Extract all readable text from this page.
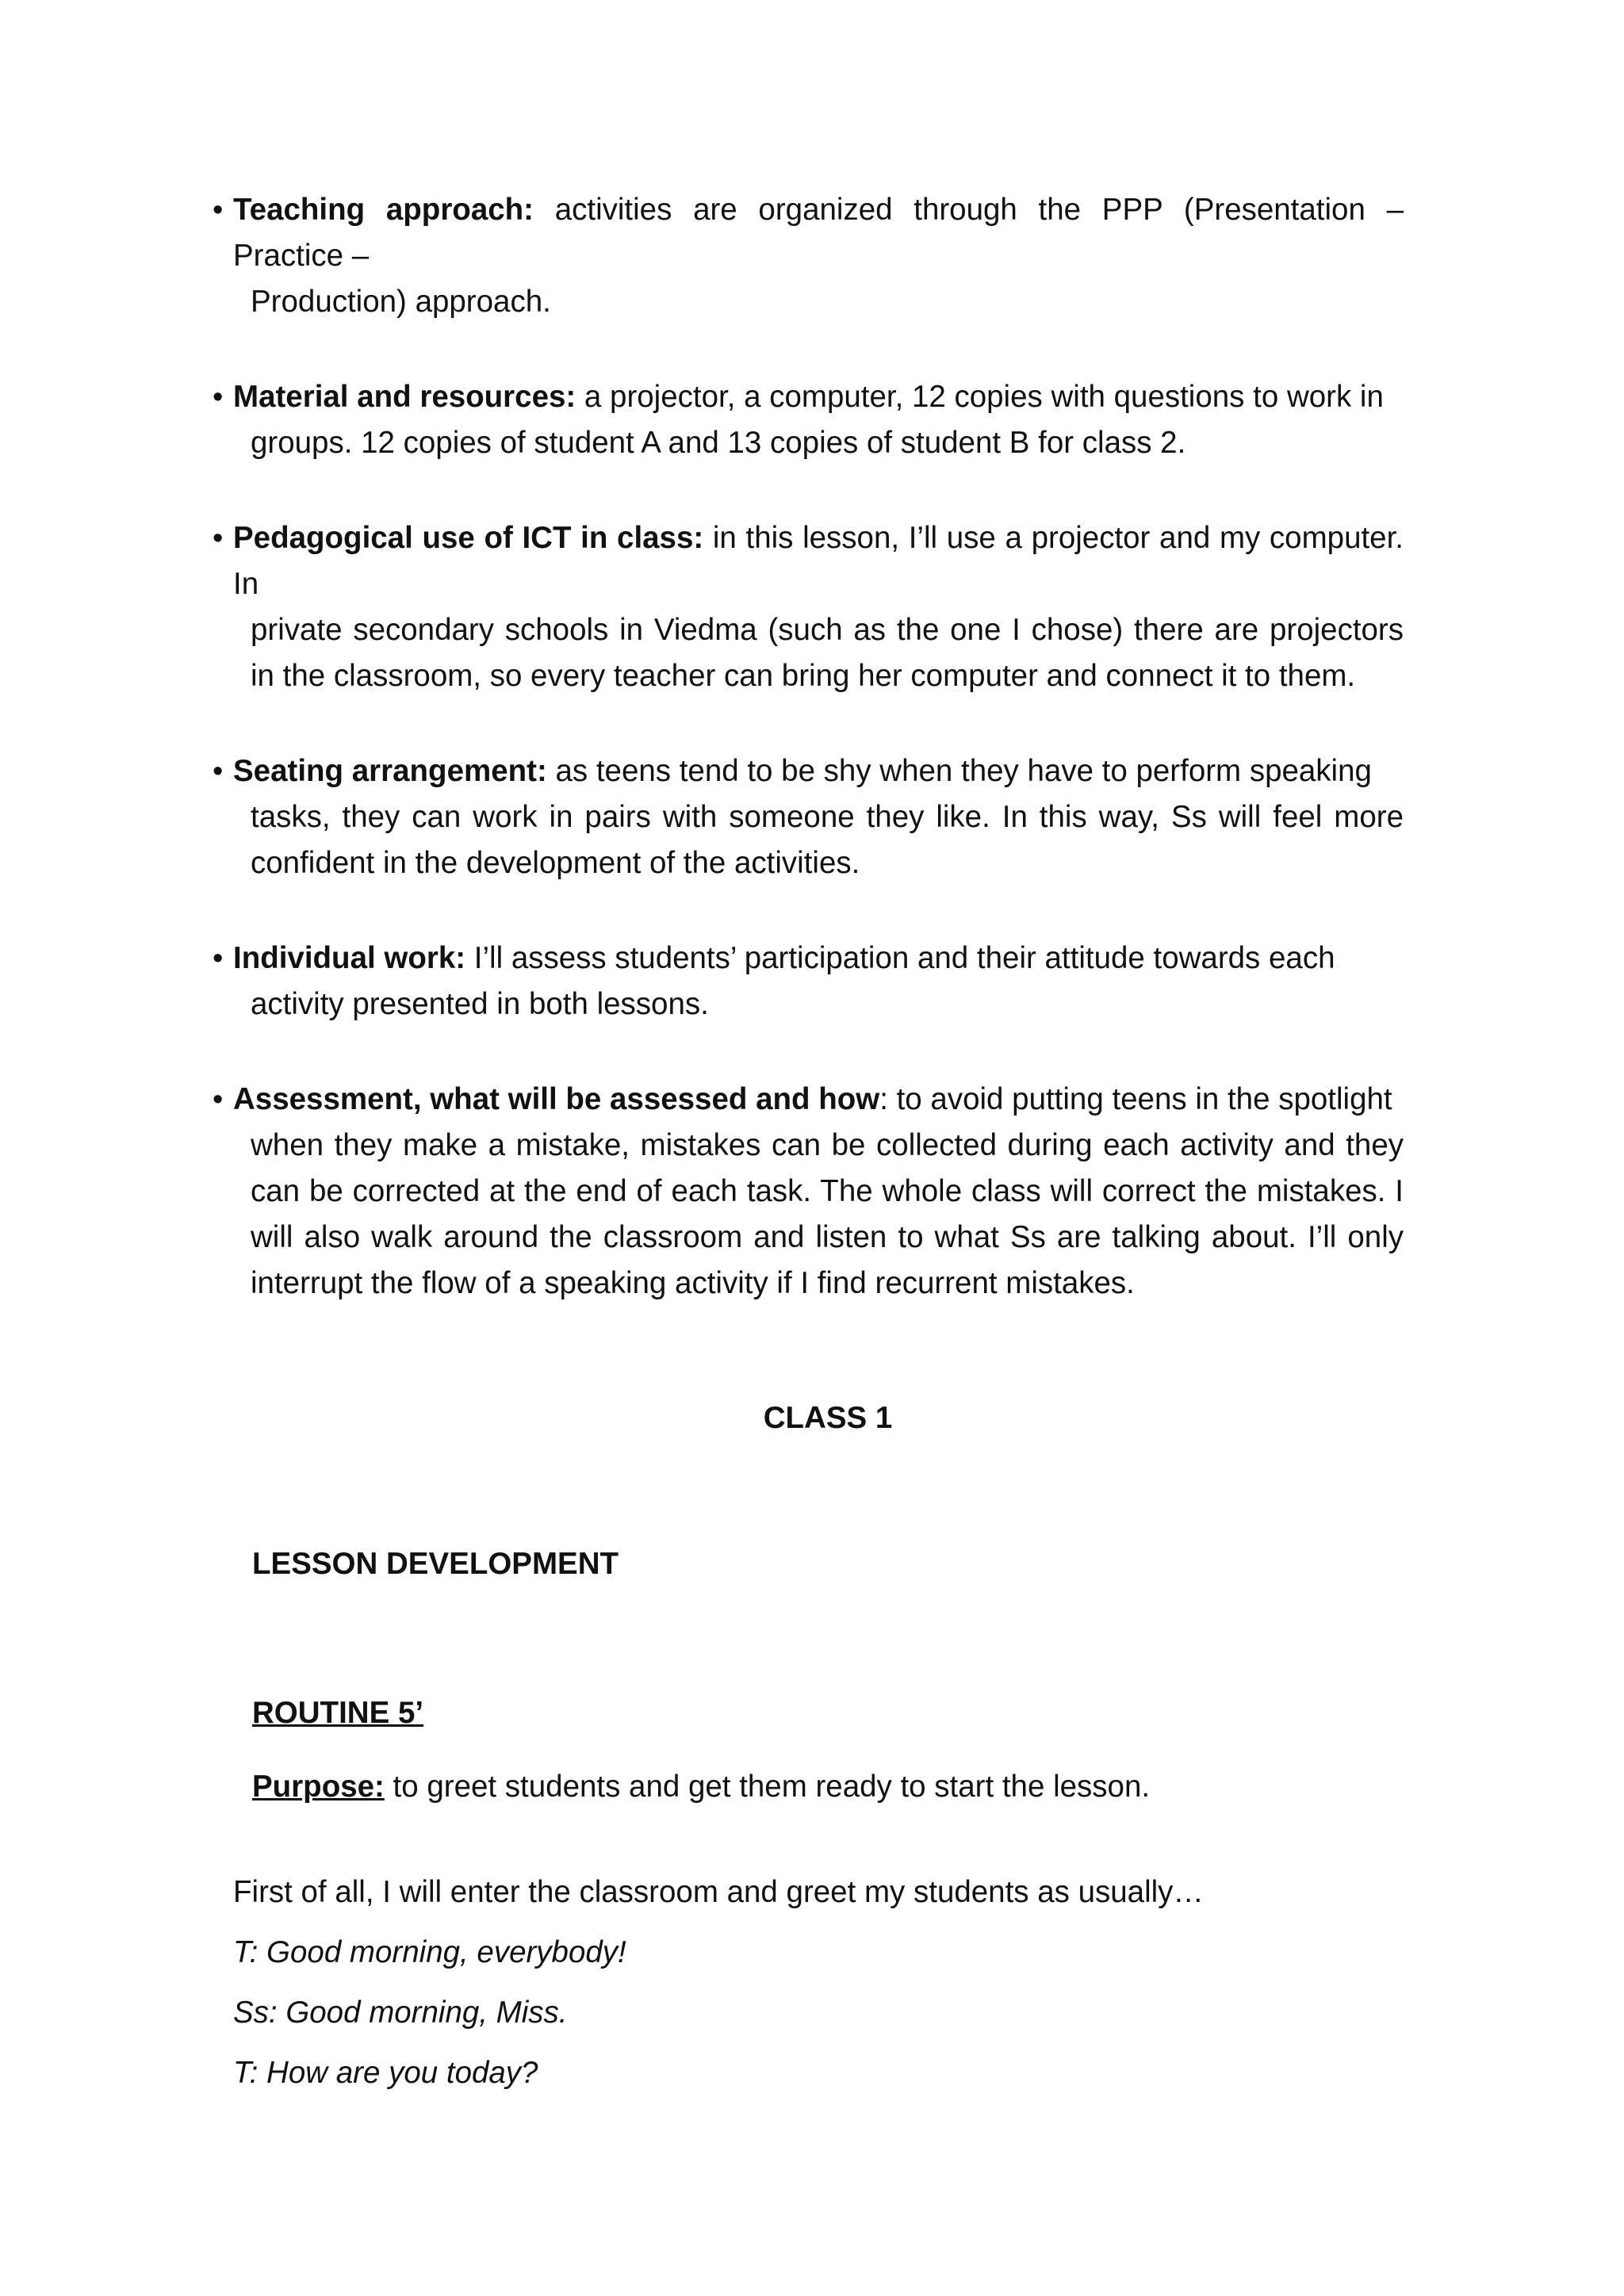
• Teaching approach: activities are organized through the PPP (Presentation – Practice –
Production) approach.
• Material and resources: a projector, a computer, 12 copies with questions to work in
groups. 12 copies of student A and 13 copies of student B for class 2.
• Pedagogical use of ICT in class: in this lesson, I’ll use a projector and my computer. In
private secondary schools in Viedma (such as the one I chose) there are projectors in the classroom, so every teacher can bring her computer and connect it to them.
• Seating arrangement: as teens tend to be shy when they have to perform speaking
tasks, they can work in pairs with someone they like. In this way, Ss will feel more confident in the development of the activities.
• Individual work: I’ll assess students’ participation and their attitude towards each
activity presented in both lessons.
• Assessment, what will be assessed and how: to avoid putting teens in the spotlight
when they make a mistake, mistakes can be collected during each activity and they can be corrected at the end of each task. The whole class will correct the mistakes. I will also walk around the classroom and listen to what Ss are talking about. I’ll only interrupt the flow of a speaking activity if I find recurrent mistakes.
CLASS 1
LESSON DEVELOPMENT
ROUTINE 5’
Purpose: to greet students and get them ready to start the lesson.
First of all, I will enter the classroom and greet my students as usually…
T: Good morning, everybody!
Ss: Good morning, Miss.
T: How are you today?
